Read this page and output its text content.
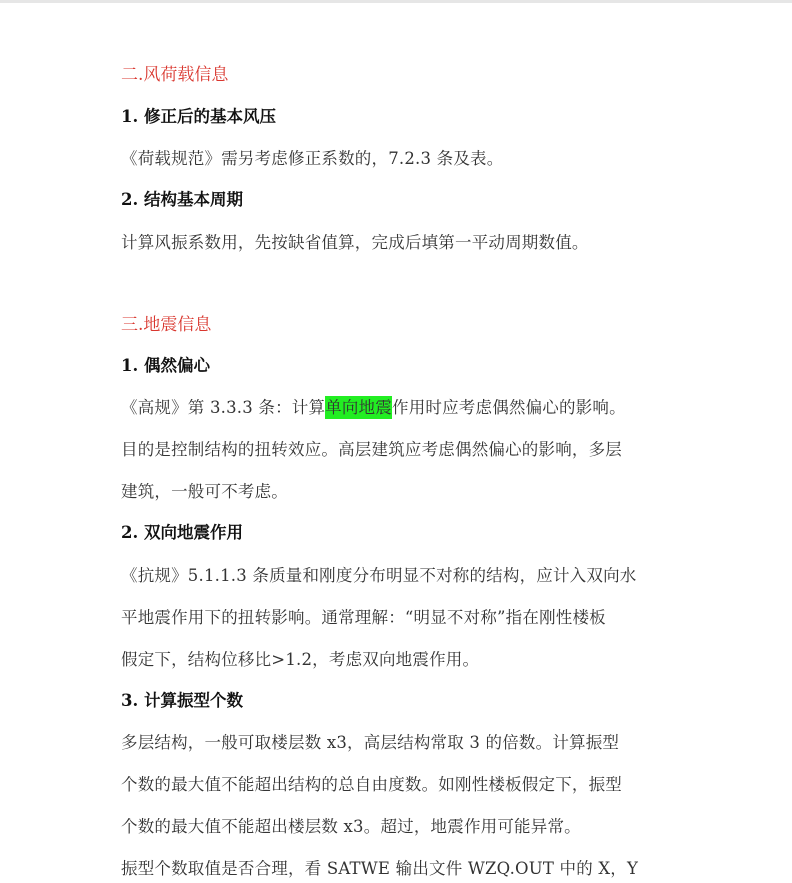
二.风荷载信息
1. 修正后的基本风压
《荷载规范》需另考虑修正系数的，7.2.3 条及表。
2. 结构基本周期
计算风振系数用，先按缺省值算，完成后填第一平动周期数值。
三.地震信息
1. 偶然偏心
《高规》第 3.3.3 条：计算单向地震作用时应考虑偶然偏心的影响。
目的是控制结构的扭转效应。高层建筑应考虑偶然偏心的影响，多层
建筑，一般可不考虑。
2. 双向地震作用
《抗规》5.1.1.3 条质量和刚度分布明显不对称的结构，应计入双向水
平地震作用下的扭转影响。通常理解：“明显不对称”指在刚性楼板
假定下，结构位移比>1.2，考虑双向地震作用。
3. 计算振型个数
多层结构，一般可取楼层数 x3，高层结构常取 3 的倍数。计算振型
个数的最大值不能超出结构的总自由度数。如刚性楼板假定下，振型
个数的最大值不能超出楼层数 x3。超过，地震作用可能异常。
振型个数取值是否合理，看 SATWE 输出文件 WZQ.OUT 中的 X，Y
